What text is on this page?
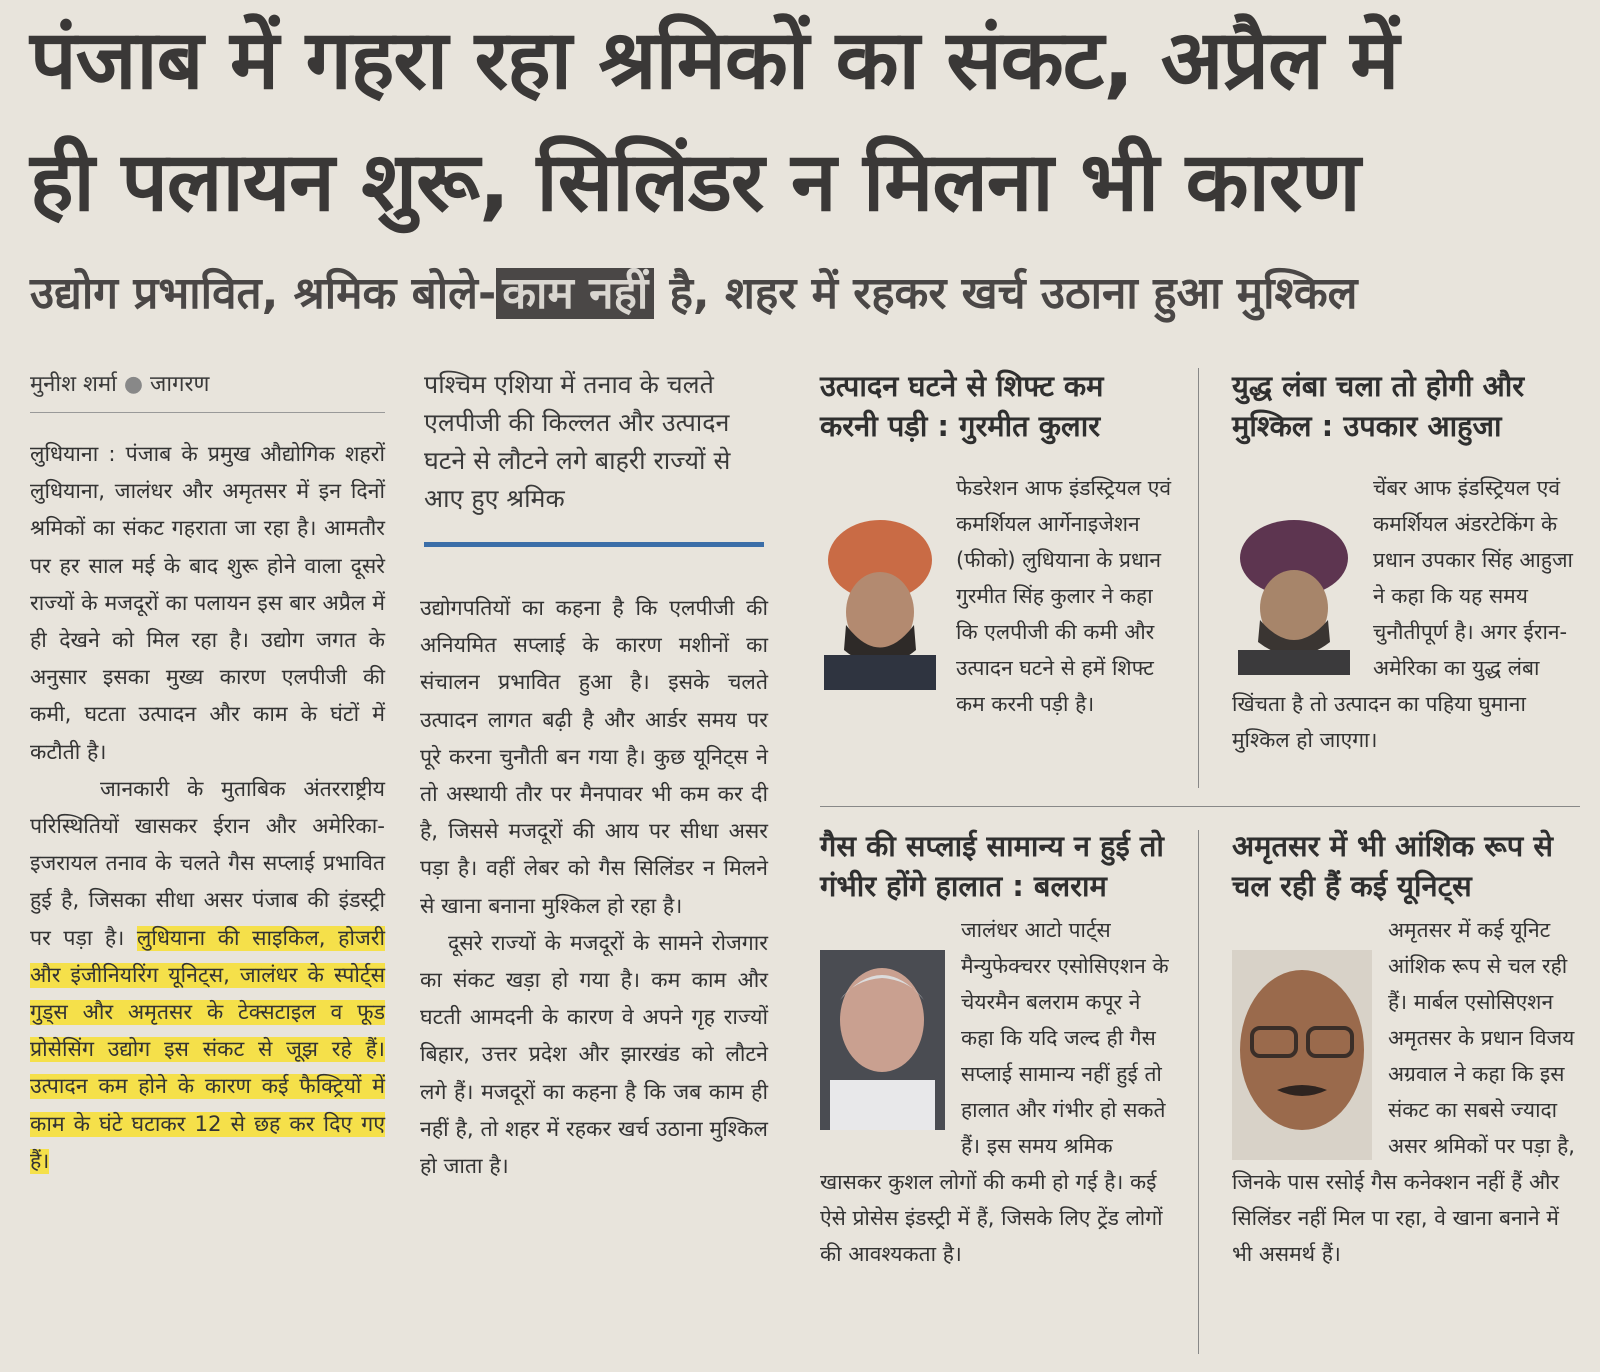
पंजाब में गहरा रहा श्रमिकों का संकट, अप्रैल में
ही पलायन शुरू, सिलिंडर न मिलना भी कारण
उद्योग प्रभावित, श्रमिक बोले- काम नहीं है, शहर में रहकर खर्च उठाना हुआ मुश्किल
मुनीश शर्मा ● जागरण

लुधियाना : पंजाब के प्रमुख औद्योगिक शहरों लुधियाना, जालंधर और अमृतसर में इन दिनों श्रमिकों का संकट गहराता जा रहा है। आमतौर पर हर साल मई के बाद शुरू होने वाला दूसरे राज्यों के मजदूरों का पलायन इस बार अप्रैल में ही देखने को मिल रहा है। उद्योग जगत के अनुसार इसका मुख्य कारण एलपीजी की कमी, घटता उत्पादन और काम के घंटों में कटौती है।

जानकारी के मुताबिक अंतरराष्ट्रीय परिस्थितियों खासकर ईरान और अमेरिका-इजरायल तनाव के चलते गैस सप्लाई प्रभावित हुई है, जिसका सीधा असर पंजाब की इंडस्ट्री पर पड़ा है। लुधियाना की साइकिल, होजरी और इंजीनियरिंग यूनिट्स, जालंधर के स्पोर्ट्स गुड्स और अमृतसर के टेक्सटाइल व फूड प्रोसेसिंग उद्योग इस संकट से जूझ रहे हैं। उत्पादन कम होने के कारण कई फैक्ट्रियों में काम के घंटे घटाकर 12 से छह कर दिए गए हैं।

पश्चिम एशिया में तनाव के चलते एलपीजी की किल्लत और उत्पादन घटने से लौटने लगे बाहरी राज्यों से आए हुए श्रमिक

उद्योगपतियों का कहना है कि एलपीजी की अनियमित सप्लाई के कारण मशीनों का संचालन प्रभावित हुआ है। इसके चलते उत्पादन लागत बढ़ी है और आर्डर समय पर पूरे करना चुनौती बन गया है। कुछ यूनिट्स ने तो अस्थायी तौर पर मैनपावर भी कम कर दी है, जिससे मजदूरों की आय पर सीधा असर पड़ा है। वहीं लेबर को गैस सिलिंडर न मिलने से खाना बनाना मुश्किल हो रहा है।

दूसरे राज्यों के मजदूरों के सामने रोजगार का संकट खड़ा हो गया है। कम काम और घटती आमदनी के कारण वे अपने गृह राज्यों बिहार, उत्तर प्रदेश और झारखंड को लौटने लगे हैं। मजदूरों का कहना है कि जब काम ही नहीं है, तो शहर में रहकर खर्च उठाना मुश्किल हो जाता है।

उत्पादन घटने से शिफ्ट कम करनी पड़ी : गुरमीत कुलार
फेडरेशन आफ इंडस्ट्रियल एवं कमर्शियल आर्गेनाइजेशन (फीको) लुधियाना के प्रधान गुरमीत सिंह कुलार ने कहा कि एलपीजी की कमी और उत्पादन घटने से हमें शिफ्ट कम करनी पड़ी है।
युद्ध लंबा चला तो होगी और मुश्किल : उपकार आहुजा
चेंबर आफ इंडस्ट्रियल एवं कमर्शियल अंडरटेकिंग के प्रधान उपकार सिंह आहुजा ने कहा कि यह समय चुनौतीपूर्ण है। अगर ईरान-अमेरिका का युद्ध लंबा खिंचता है तो उत्पादन का पहिया घुमाना मुश्किल हो जाएगा।
गैस की सप्लाई सामान्य न हुई तो गंभीर होंगे हालात : बलराम
जालंधर आटो पार्ट्स मैन्युफेक्चरर एसोसिएशन के चेयरमैन बलराम कपूर ने कहा कि यदि जल्द ही गैस सप्लाई सामान्य नहीं हुई तो हालात और गंभीर हो सकते हैं। इस समय श्रमिक खासकर कुशल लोगों की कमी हो गई है। कई ऐसे प्रोसेस इंडस्ट्री में हैं, जिसके लिए ट्रेंड लोगों की आवश्यकता है।
अमृतसर में भी आंशिक रूप से चल रही हैं कई यूनिट्स
अमृतसर में कई यूनिट आंशिक रूप से चल रही हैं। मार्बल एसोसिएशन अमृतसर के प्रधान विजय अग्रवाल ने कहा कि इस संकट का सबसे ज्यादा असर श्रमिकों पर पड़ा है, जिनके पास रसोई गैस कनेक्शन नहीं हैं और सिलिंडर नहीं मिल पा रहा, वे खाना बनाने में भी असमर्थ हैं।
